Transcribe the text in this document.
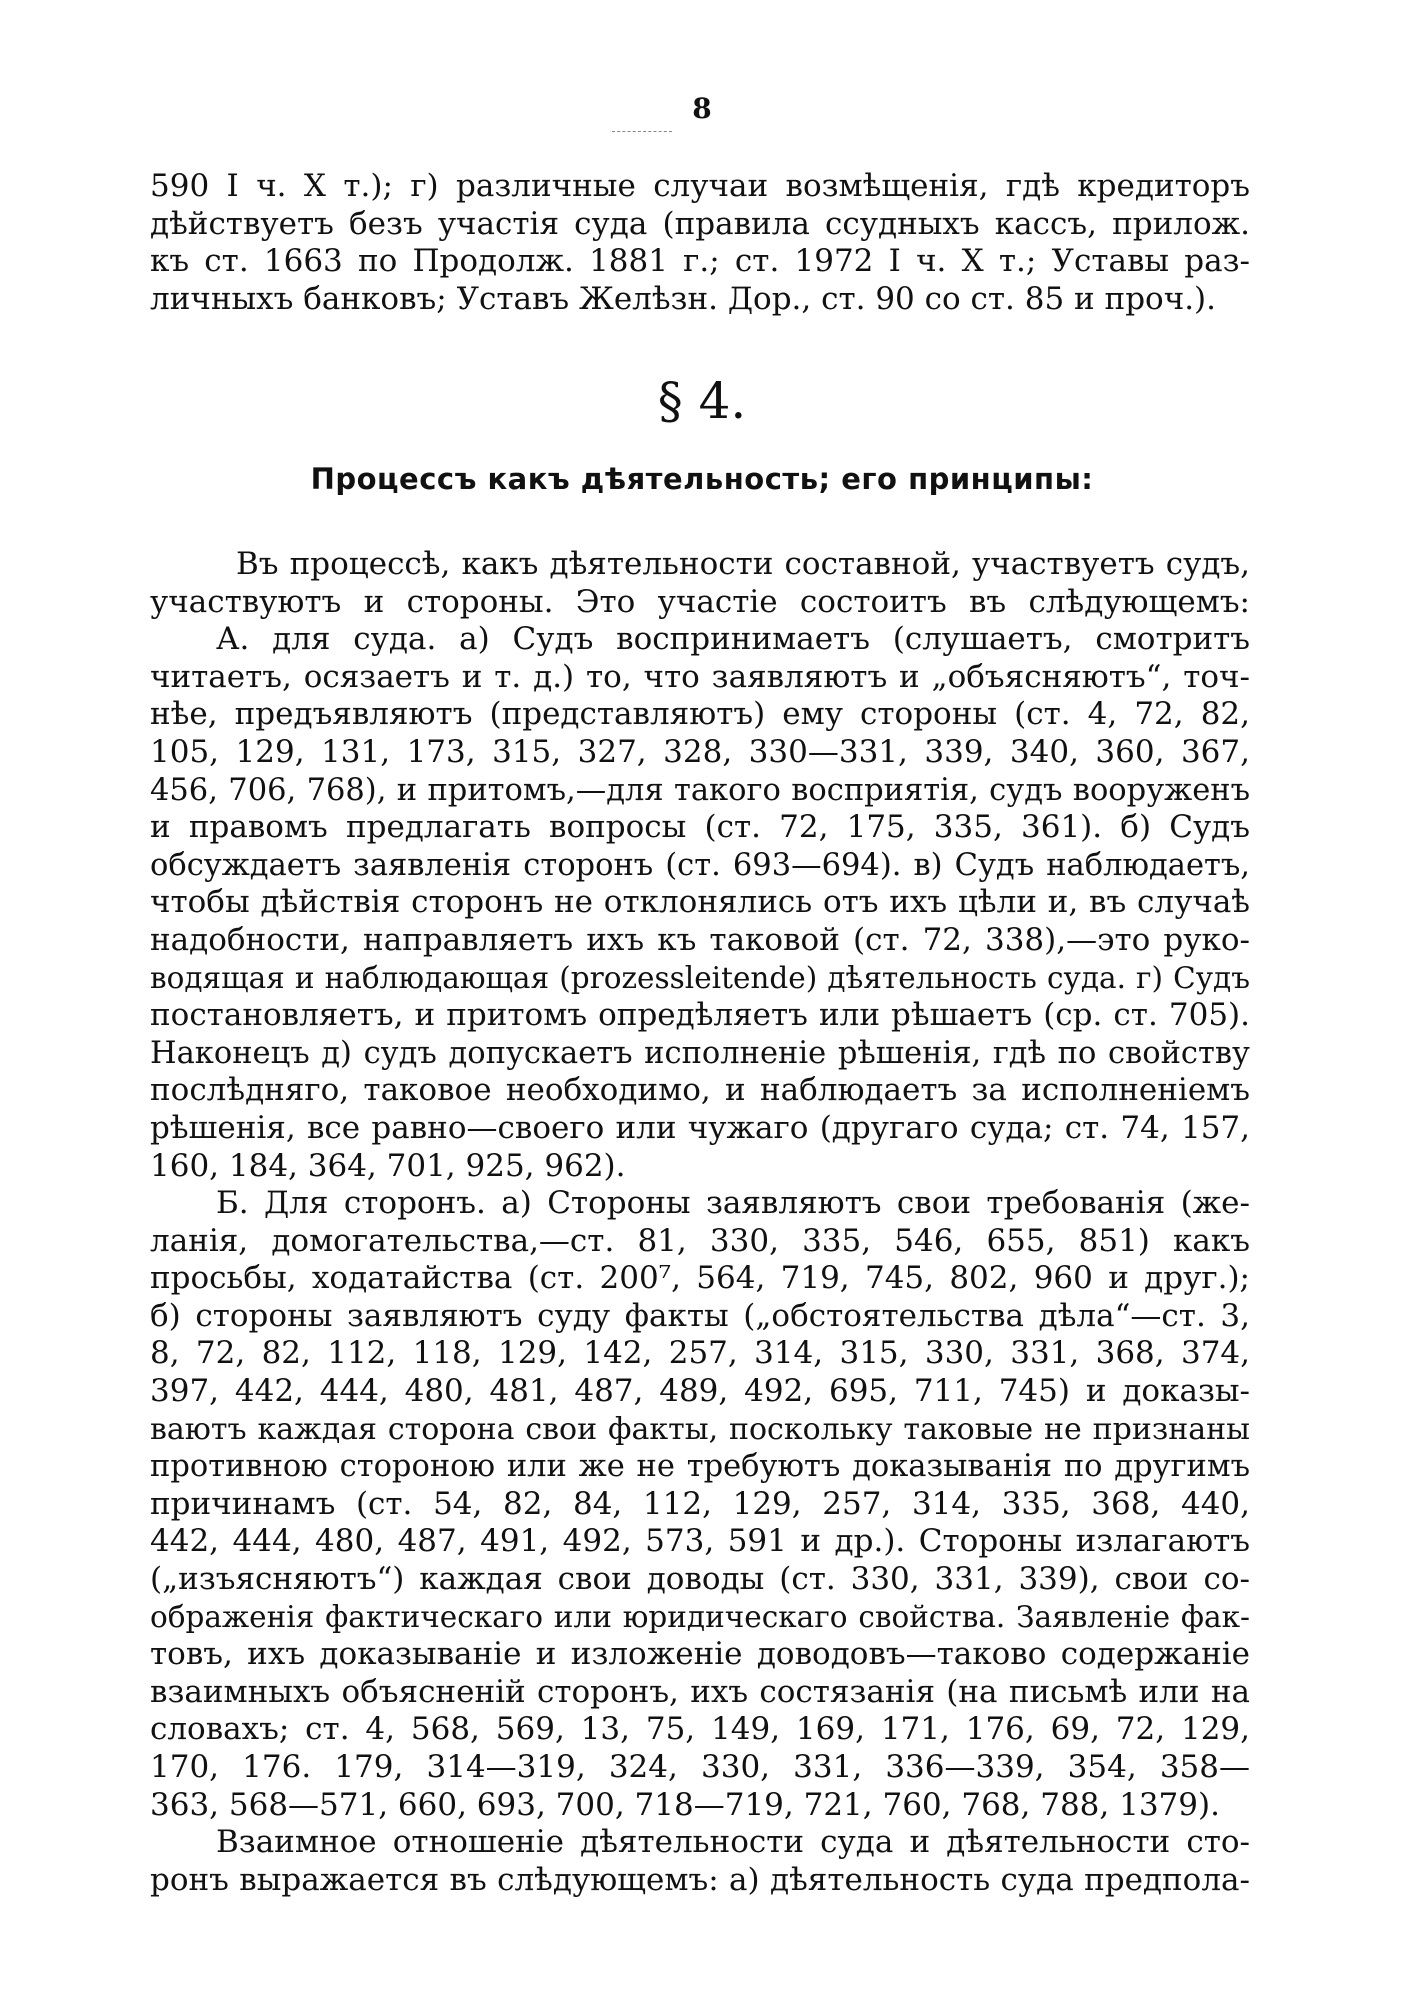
8
590 I ч. X т.); г) различные случаи возмѣщенія, гдѣ кредиторъ
дѣйствуетъ безъ участія суда (правила ссудныхъ кассъ, прилож.
къ ст. 1663 по Продолж. 1881 г.; ст. 1972 I ч. X т.; Уставы раз-
личныхъ банковъ; Уставъ Желѣзн. Дор., ст. 90 со ст. 85 и проч.).
§ 4.
Процессъ какъ дѣятельность; его принципы:
Въ процессѣ, какъ дѣятельности составной, участвуетъ судъ,
участвуютъ и стороны. Это участіе состоитъ въ слѣдующемъ:
А. для суда. а) Судъ воспринимаетъ (слушаетъ, смотритъ
читаетъ, осязаетъ и т. д.) то, что заявляютъ и „объясняютъ“, точ-
нѣе, предъявляютъ (представляютъ) ему стороны (ст. 4, 72, 82,
105, 129, 131, 173, 315, 327, 328, 330—331, 339, 340, 360, 367,
456, 706, 768), и притомъ,—для такого восприятія, судъ вооруженъ
и правомъ предлагать вопросы (ст. 72, 175, 335, 361). б) Судъ
обсуждаетъ заявленія сторонъ (ст. 693—694). в) Судъ наблюдаетъ,
чтобы дѣйствія сторонъ не отклонялись отъ ихъ цѣли и, въ случаѣ
надобности, направляетъ ихъ къ таковой (ст. 72, 338),—это руко-
водящая и наблюдающая (prozessleitende) дѣятельность суда. г) Судъ
постановляетъ, и притомъ опредѣляетъ или рѣшаетъ (ср. ст. 705).
Наконецъ д) судъ допускаетъ исполненіе рѣшенія, гдѣ по свойству
послѣдняго, таковое необходимо, и наблюдаетъ за исполненіемъ
рѣшенія, все равно—своего или чужаго (другаго суда; ст. 74, 157,
160, 184, 364, 701, 925, 962).
Б. Для сторонъ. а) Стороны заявляютъ свои требованія (же-
ланія, домогательства,—ст. 81, 330, 335, 546, 655, 851) какъ
просьбы, ходатайства (ст. 200⁷, 564, 719, 745, 802, 960 и друг.);
б) стороны заявляютъ суду факты („обстоятельства дѣла“—ст. 3,
8, 72, 82, 112, 118, 129, 142, 257, 314, 315, 330, 331, 368, 374,
397, 442, 444, 480, 481, 487, 489, 492, 695, 711, 745) и доказы-
ваютъ каждая сторона свои факты, поскольку таковые не признаны
противною стороною или же не требуютъ доказыванія по другимъ
причинамъ (ст. 54, 82, 84, 112, 129, 257, 314, 335, 368, 440,
442, 444, 480, 487, 491, 492, 573, 591 и др.). Стороны излагаютъ
(„изъясняютъ“) каждая свои доводы (ст. 330, 331, 339), свои со-
ображенія фактическаго или юридическаго свойства. Заявленіе фак-
товъ, ихъ доказываніе и изложеніе доводовъ—таково содержаніе
взаимныхъ объясненій сторонъ, ихъ состязанія (на письмѣ или на
словахъ; ст. 4, 568, 569, 13, 75, 149, 169, 171, 176, 69, 72, 129,
170, 176. 179, 314—319, 324, 330, 331, 336—339, 354, 358—
363, 568—571, 660, 693, 700, 718—719, 721, 760, 768, 788, 1379).
Взаимное отношеніе дѣятельности суда и дѣятельности сто-
ронъ выражается въ слѣдующемъ: а) дѣятельность суда предпола-
